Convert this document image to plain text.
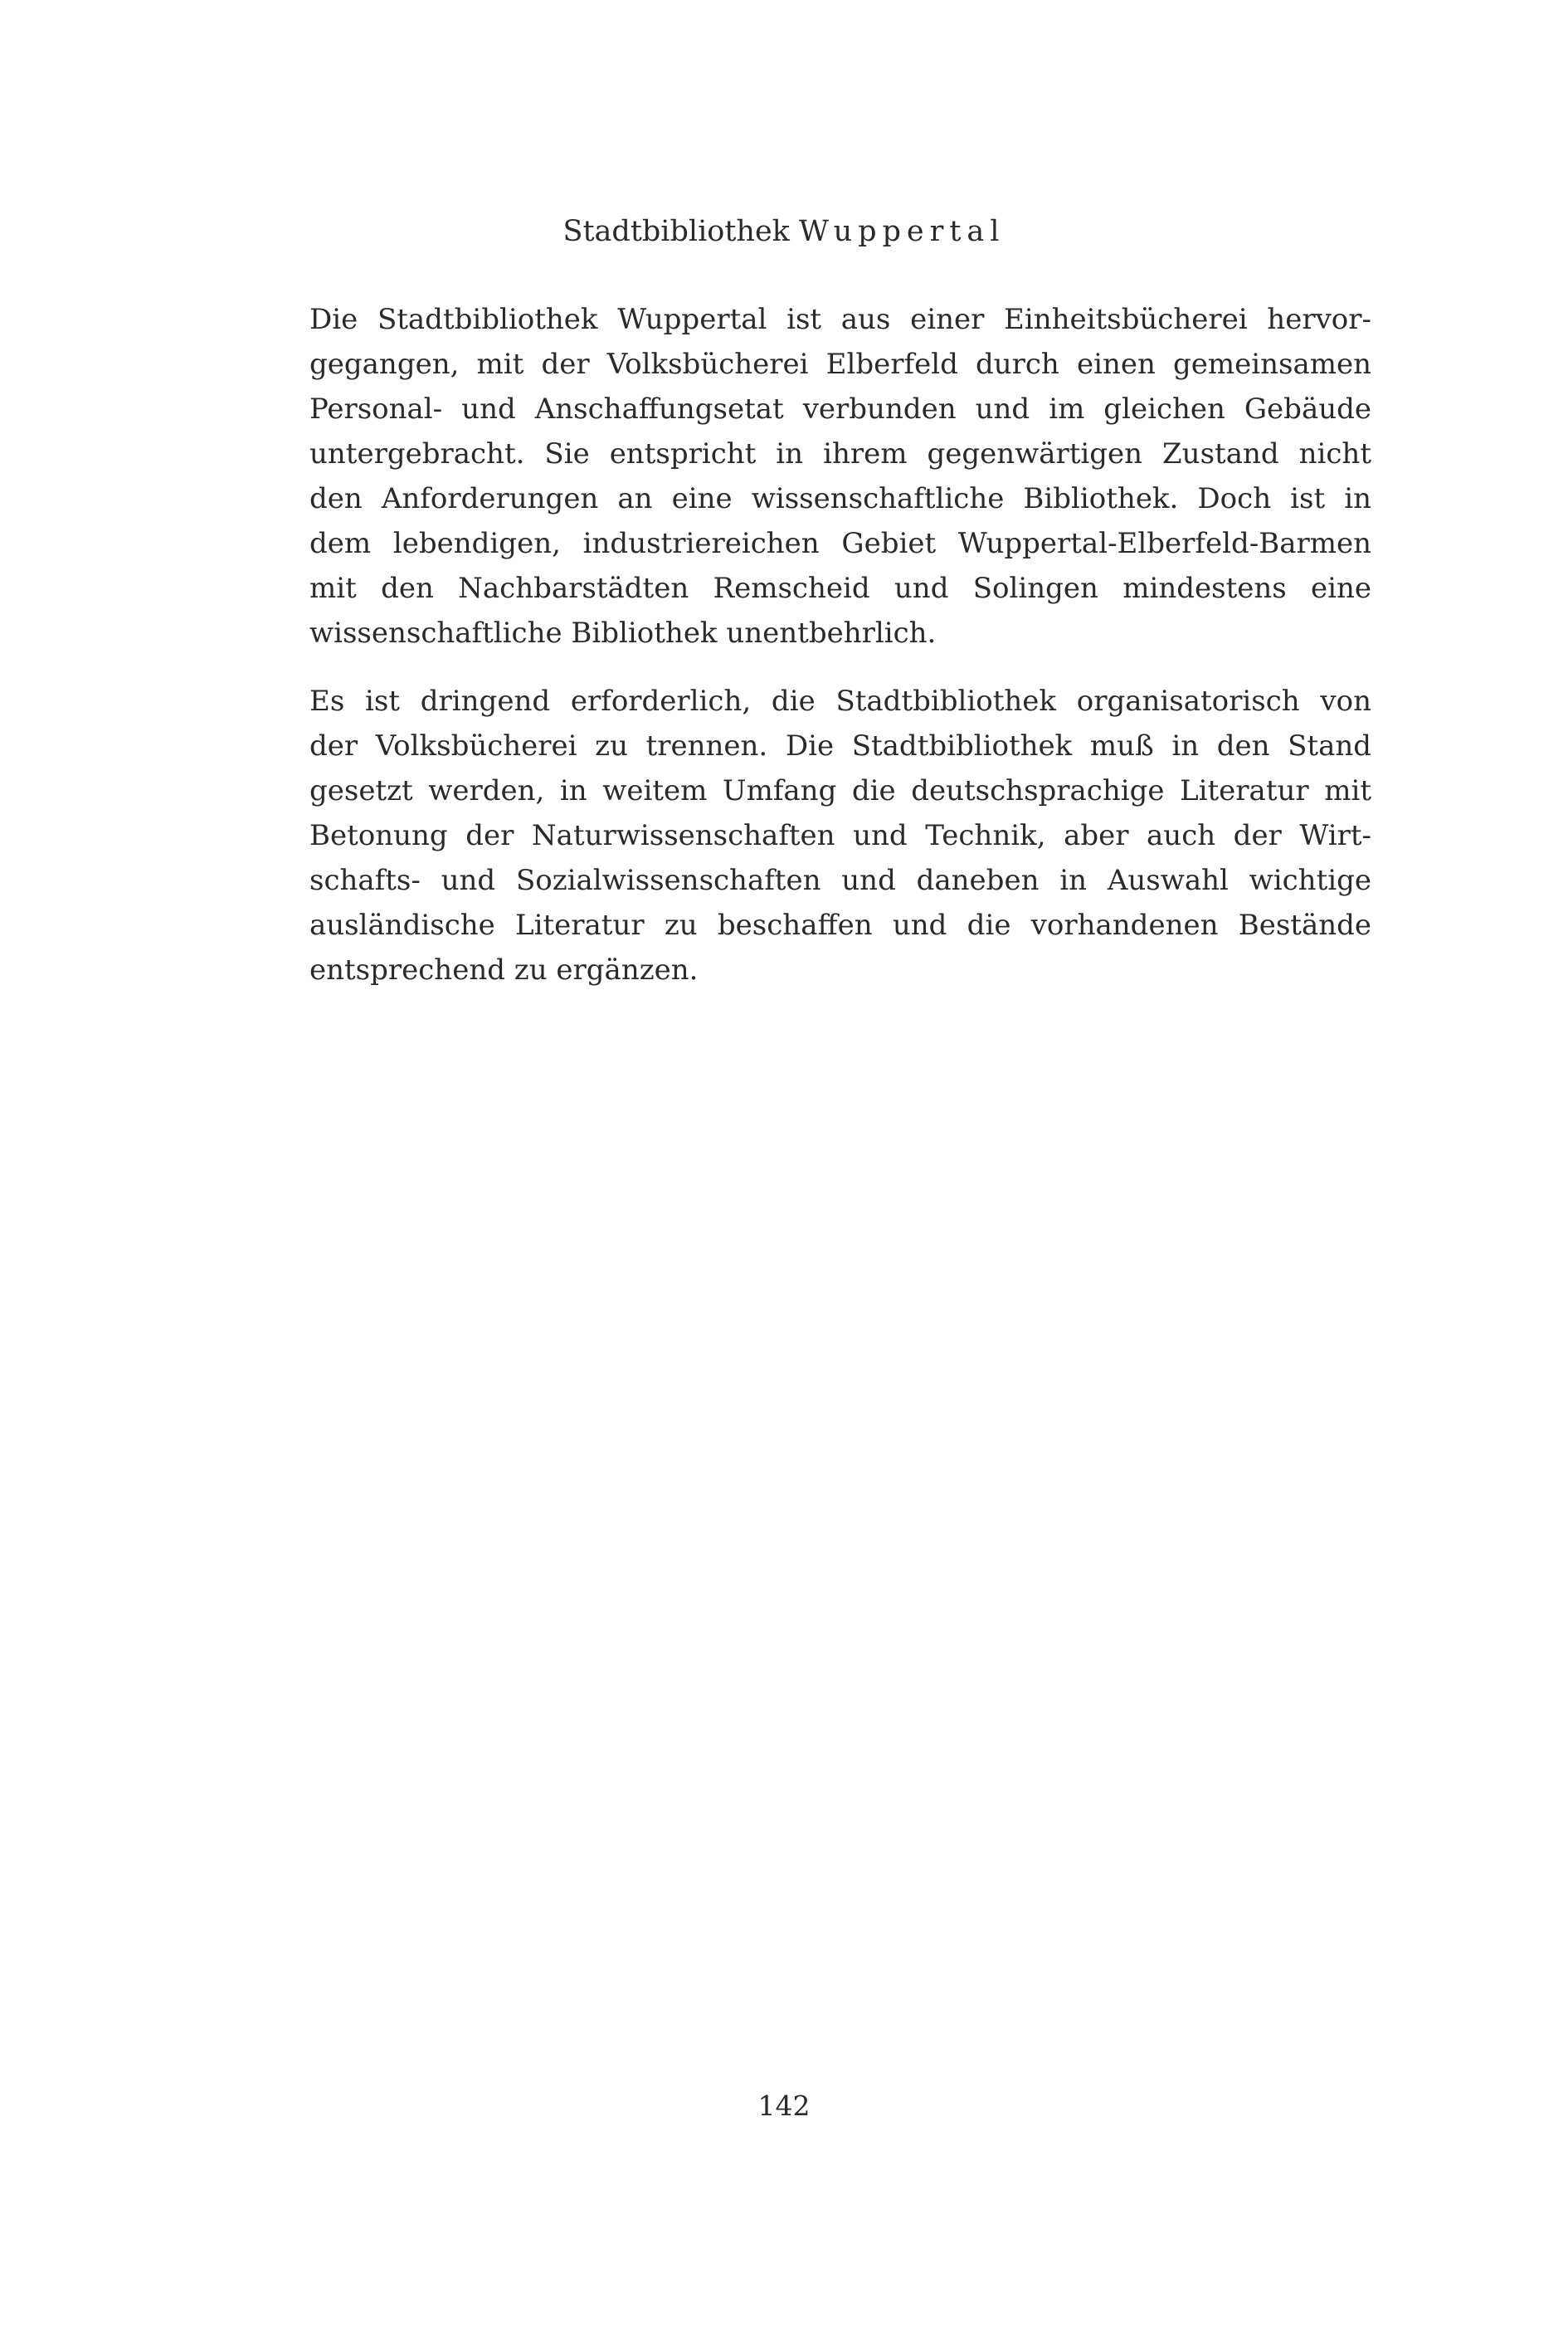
Stadtbibliothek Wuppertal

Die Stadtbibliothek Wuppertal ist aus einer Einheitsbücherei hervor-
gegangen, mit der Volksbücherei Elberfeld durch einen gemeinsamen
Personal- und Anschaffungsetat verbunden und im gleichen Gebäude
untergebracht. Sie entspricht in ihrem gegenwärtigen Zustand nicht
den Anforderungen an eine wissenschaftliche Bibliothek. Doch ist in
dem lebendigen, industriereichen Gebiet Wuppertal-Elberfeld-Barmen
mit den Nachbarstädten Remscheid und Solingen mindestens eine
wissenschaftliche Bibliothek unentbehrlich.

Es ist dringend erforderlich, die Stadtbibliothek organisatorisch von
der Volksbücherei zu trennen. Die Stadtbibliothek muß in den Stand
gesetzt werden, in weitem Umfang die deutschsprachige Literatur mit
Betonung der Naturwissenschaften und Technik, aber auch der Wirt-
schafts- und Sozialwissenschaften und daneben in Auswahl wichtige
ausländische Literatur zu beschaffen und die vorhandenen Bestände
entsprechend zu ergänzen.

142
